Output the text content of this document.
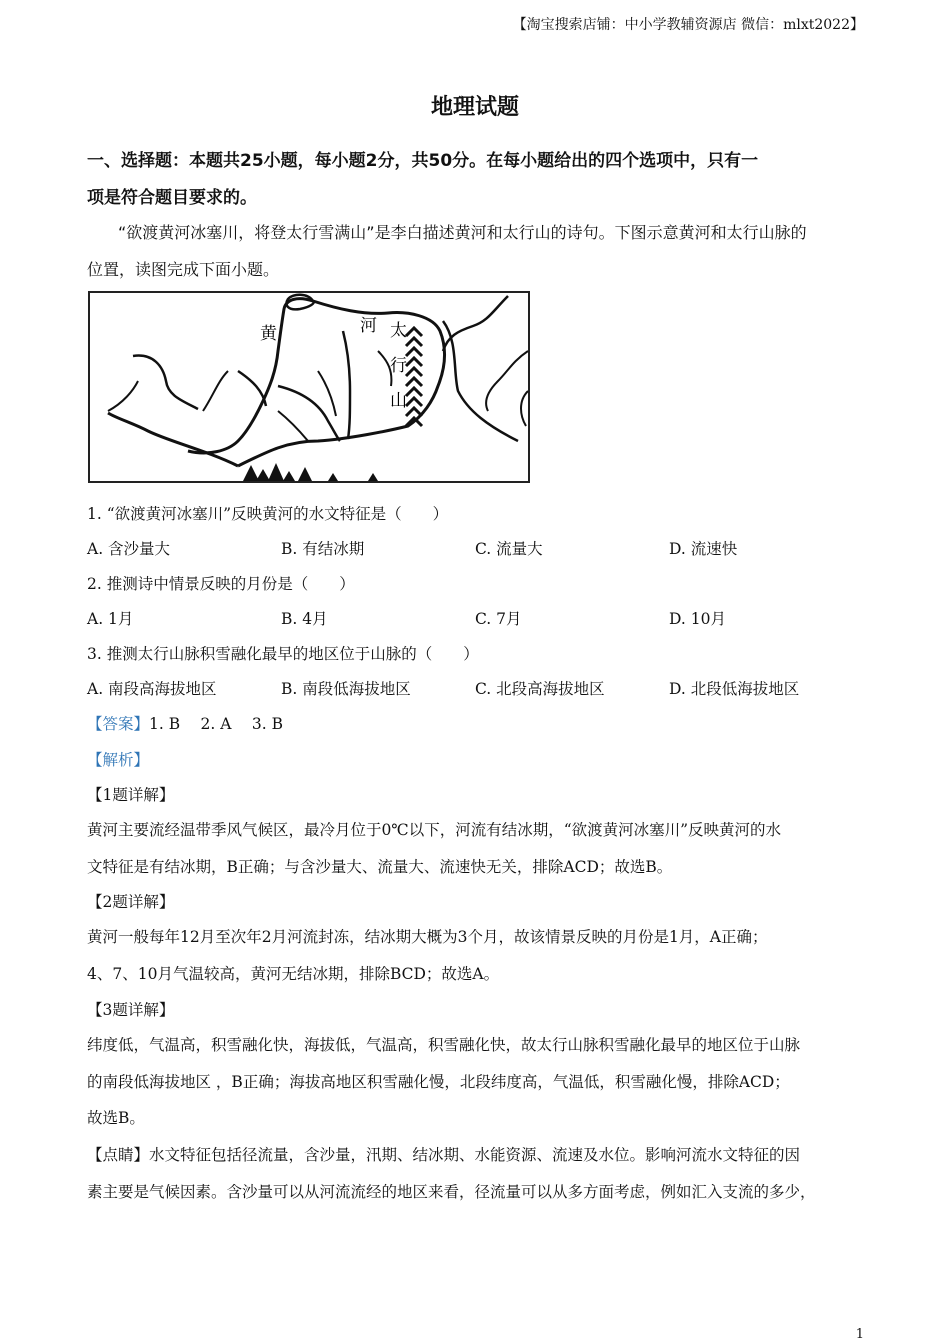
【淘宝搜索店铺：中小学教辅资源店 微信：mlxt2022】
地理试题
一、选择题：本题共25小题，每小题2分，共50分。在每小题给出的四个选项中，只有一
项是符合题目要求的。
“欲渡黄河冰塞川，将登太行雪满山”是李白描述黄河和太行山的诗句。下图示意黄河和太行山脉的
位置，读图完成下面小题。
黄	河 太
行
山
1. “欲渡黄河冰塞川”反映黄河的水文特征是（　　）
A. 含沙量大	B. 有结冰期	C. 流量大	D. 流速快
2. 推测诗中情景反映的月份是（　　）
A. 1月	B. 4月	C. 7月	D. 10月
3. 推测太行山脉积雪融化最早的地区位于山脉的（　　）
A. 南段高海拔地区	B. 南段低海拔地区	C. 北段高海拔地区	D. 北段低海拔地区
【答案】1. B　 2. A　 3. B
【解析】
【1题详解】
黄河主要流经温带季风气候区，最冷月位于0℃以下，河流有结冰期，“欲渡黄河冰塞川”反映黄河的水
文特征是有结冰期，B正确；与含沙量大、流量大、流速快无关，排除ACD；故选B。
【2题详解】
黄河一般每年12月至次年2月河流封冻，结冰期大概为3个月，故该情景反映的月份是1月，A正确；
4、7、10月气温较高，黄河无结冰期，排除BCD；故选A。
【3题详解】
纬度低，气温高，积雪融化快，海拔低，气温高，积雪融化快，故太行山脉积雪融化最早的地区位于山脉
的南段低海拔地区 ，B正确；海拔高地区积雪融化慢，北段纬度高，气温低，积雪融化慢，排除ACD；
故选B。
【点睛】水文特征包括径流量，含沙量，汛期、结冰期、水能资源、流速及水位。影响河流水文特征的因
素主要是气候因素。含沙量可以从河流流经的地区来看，径流量可以从多方面考虑，例如汇入支流的多少，
1
